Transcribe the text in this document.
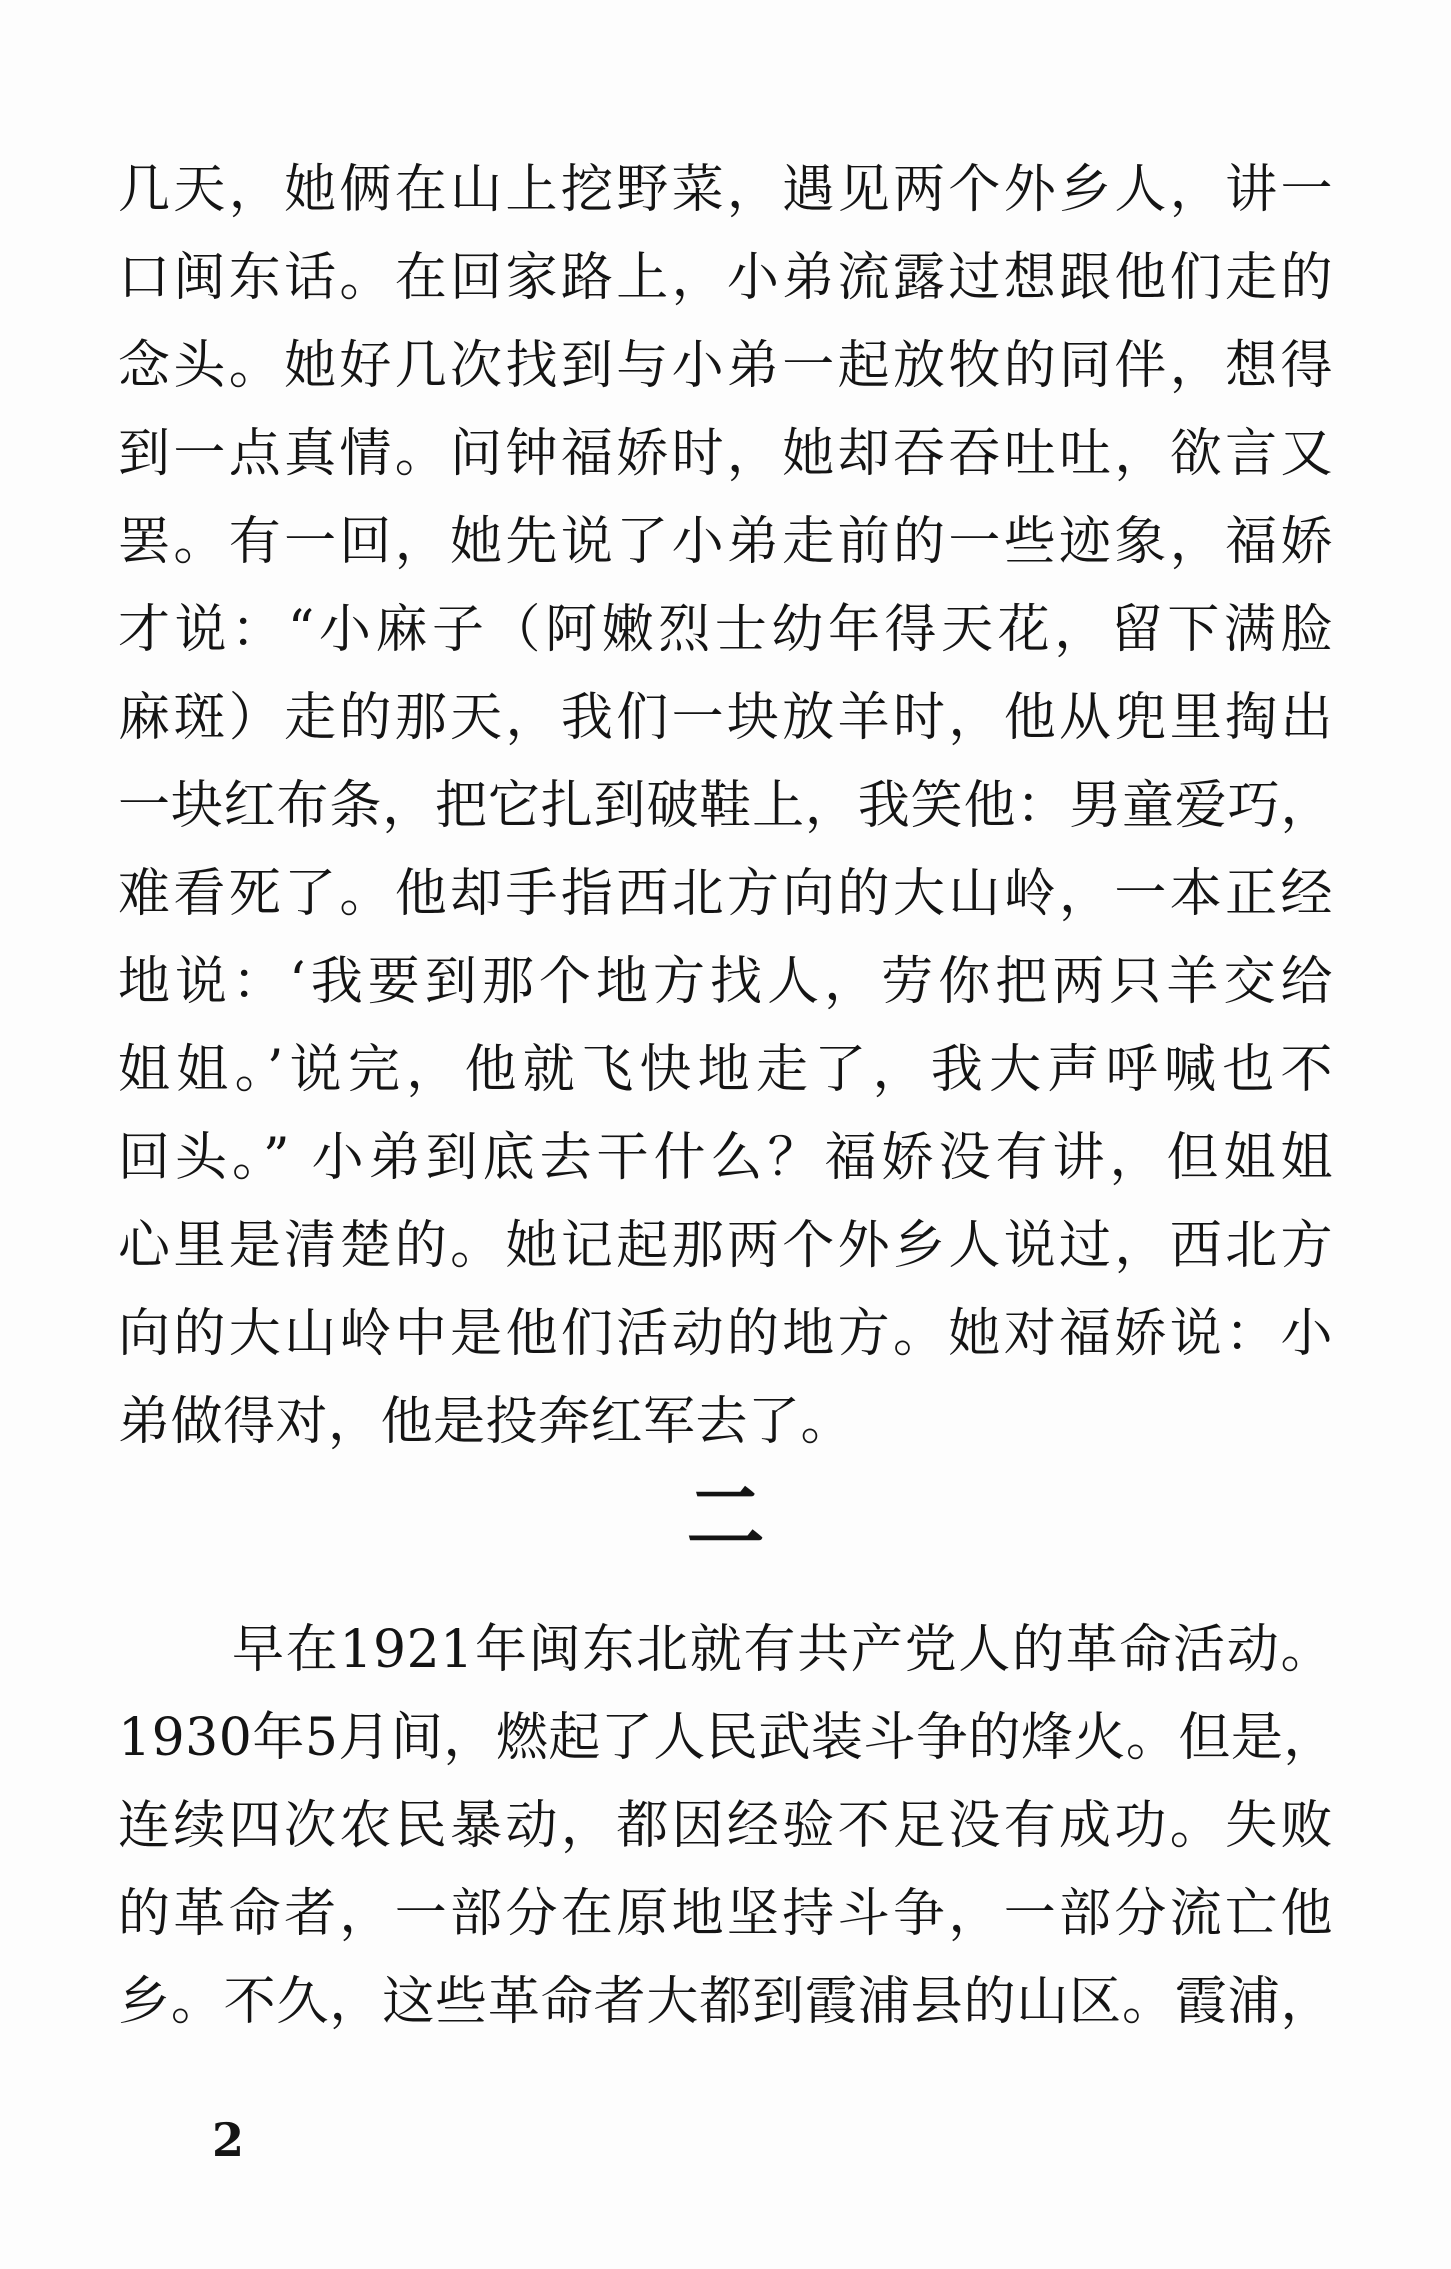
几天，她俩在山上挖野菜，遇见两个外乡人，讲一
口闽东话。在回家路上，小弟流露过想跟他们走的
念头。她好几次找到与小弟一起放牧的同伴，想得
到一点真情。问钟福娇时，她却吞吞吐吐，欲言又
罢。有一回，她先说了小弟走前的一些迹象，福娇
才说：“小麻子（阿嫩烈士幼年得天花，留下满脸
麻斑）走的那天，我们一块放羊时，他从兜里掏出
一块红布条，把它扎到破鞋上，我笑他：男童爱巧，
难看死了。他却手指西北方向的大山岭，一本正经
地说：‘我要到那个地方找人，劳你把两只羊交给
姐姐。’说完，他就飞快地走了，我大声呼喊也不
回头。” 小弟到底去干什么？福娇没有讲，但姐姐
心里是清楚的。她记起那两个外乡人说过，西北方
向的大山岭中是他们活动的地方。她对福娇说：小
弟做得对，他是投奔红军去了。
二
早在1921年闽东北就有共产党人的革命活动。
1930年5月间，燃起了人民武装斗争的烽火。但是，
连续四次农民暴动，都因经验不足没有成功。失败
的革命者，一部分在原地坚持斗争，一部分流亡他
乡。不久，这些革命者大都到霞浦县的山区。霞浦，
2
